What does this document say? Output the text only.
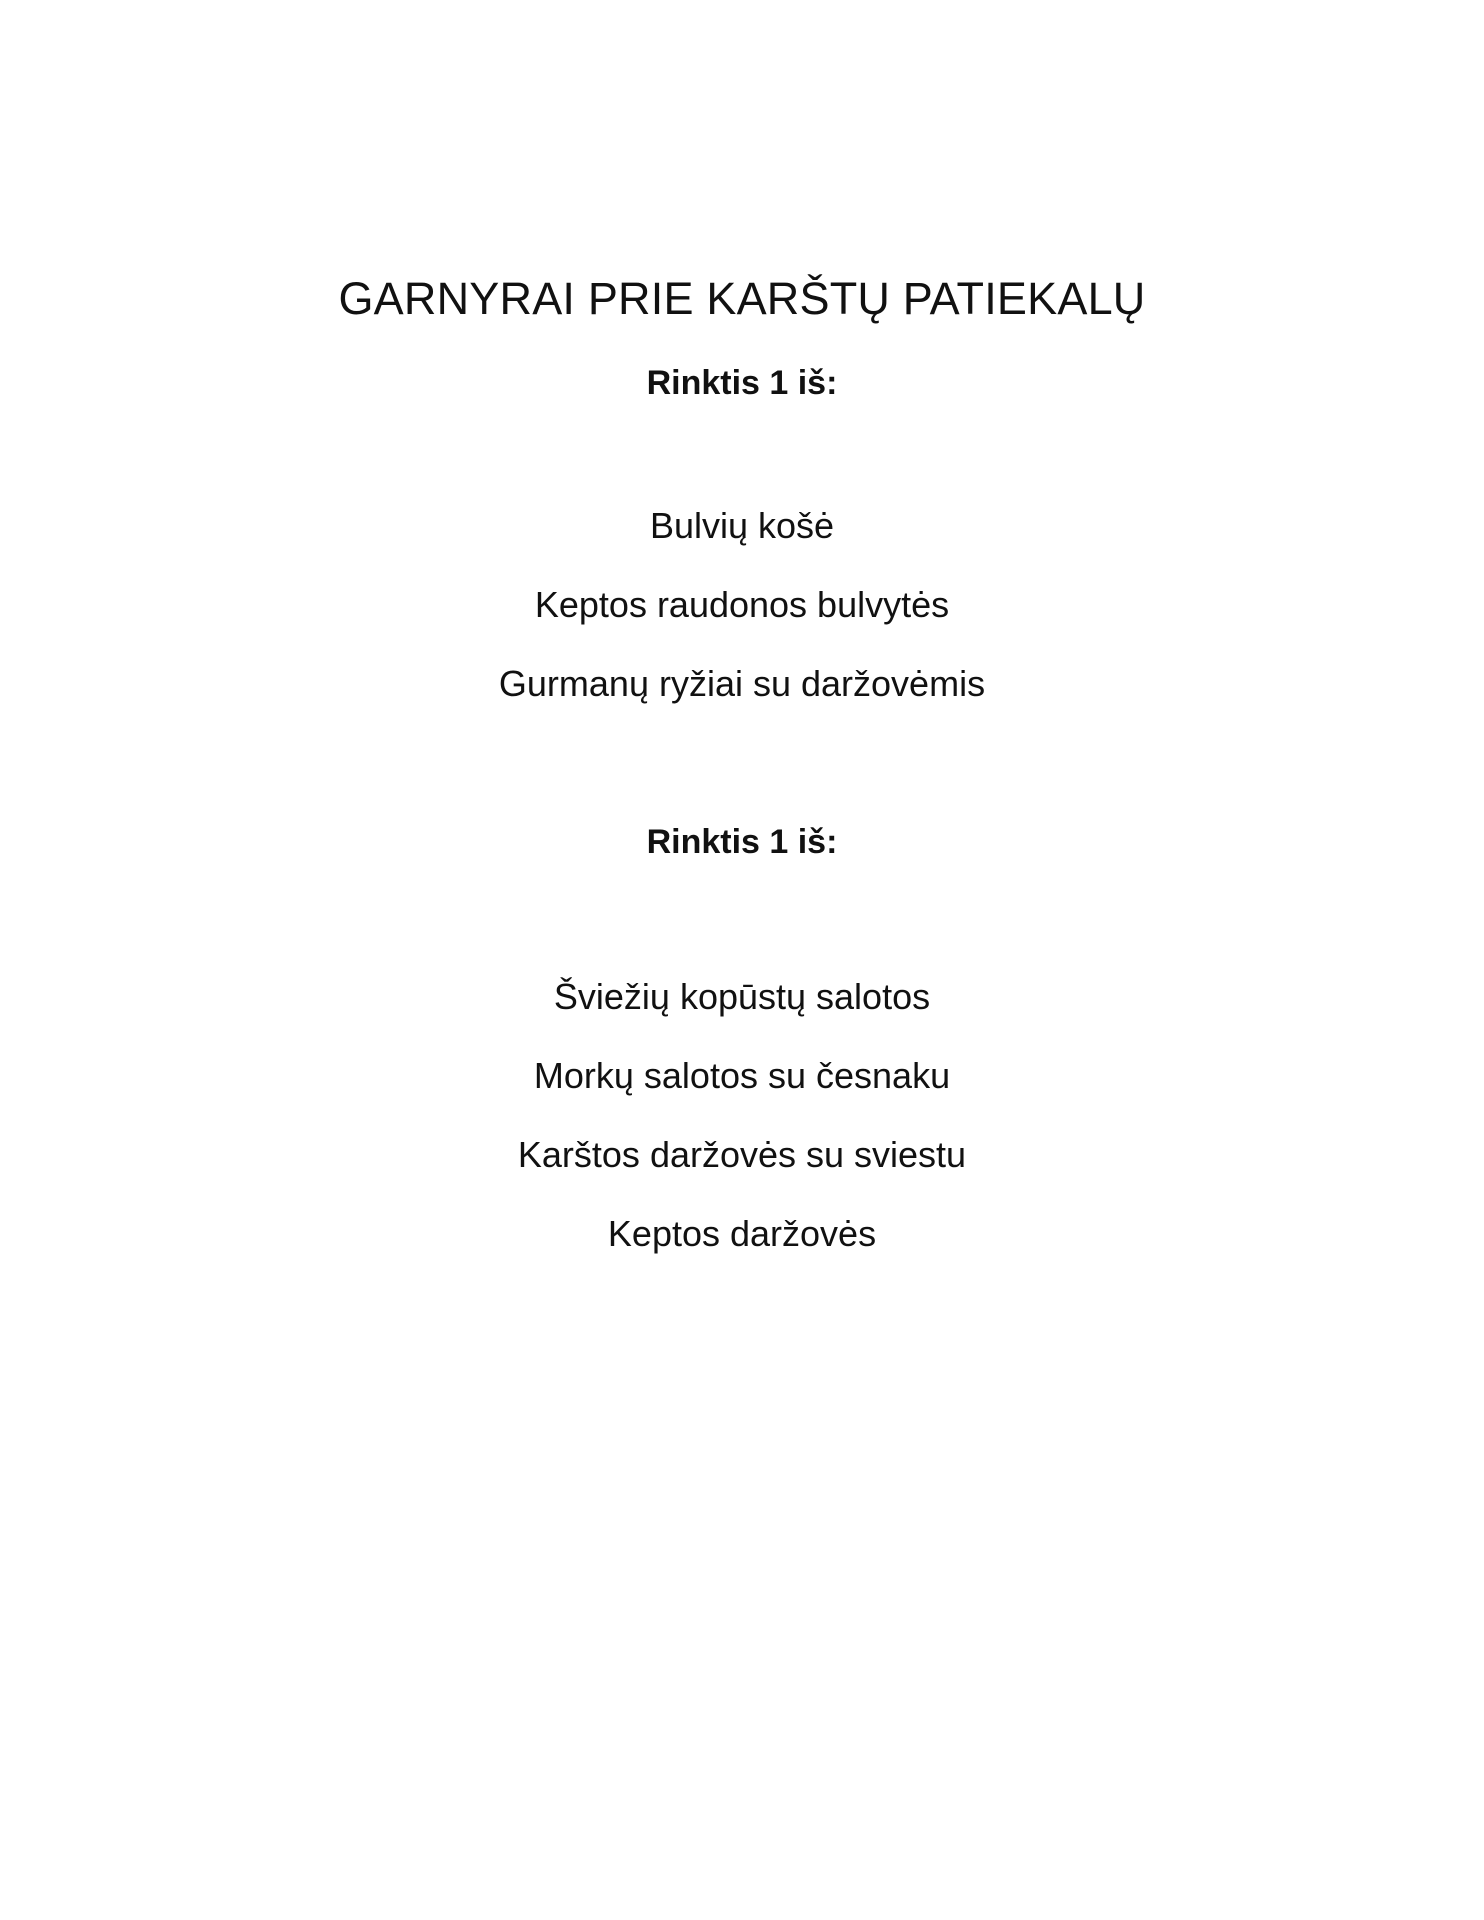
GARNYRAI PRIE KARŠTŲ PATIEKALŲ
Rinktis 1 iš:
Bulvių košė
Keptos raudonos bulvytės
Gurmanų ryžiai su daržovėmis
Rinktis 1 iš:
Šviežių kopūstų salotos
Morkų salotos su česnaku
Karštos daržovės su sviestu
Keptos daržovės
